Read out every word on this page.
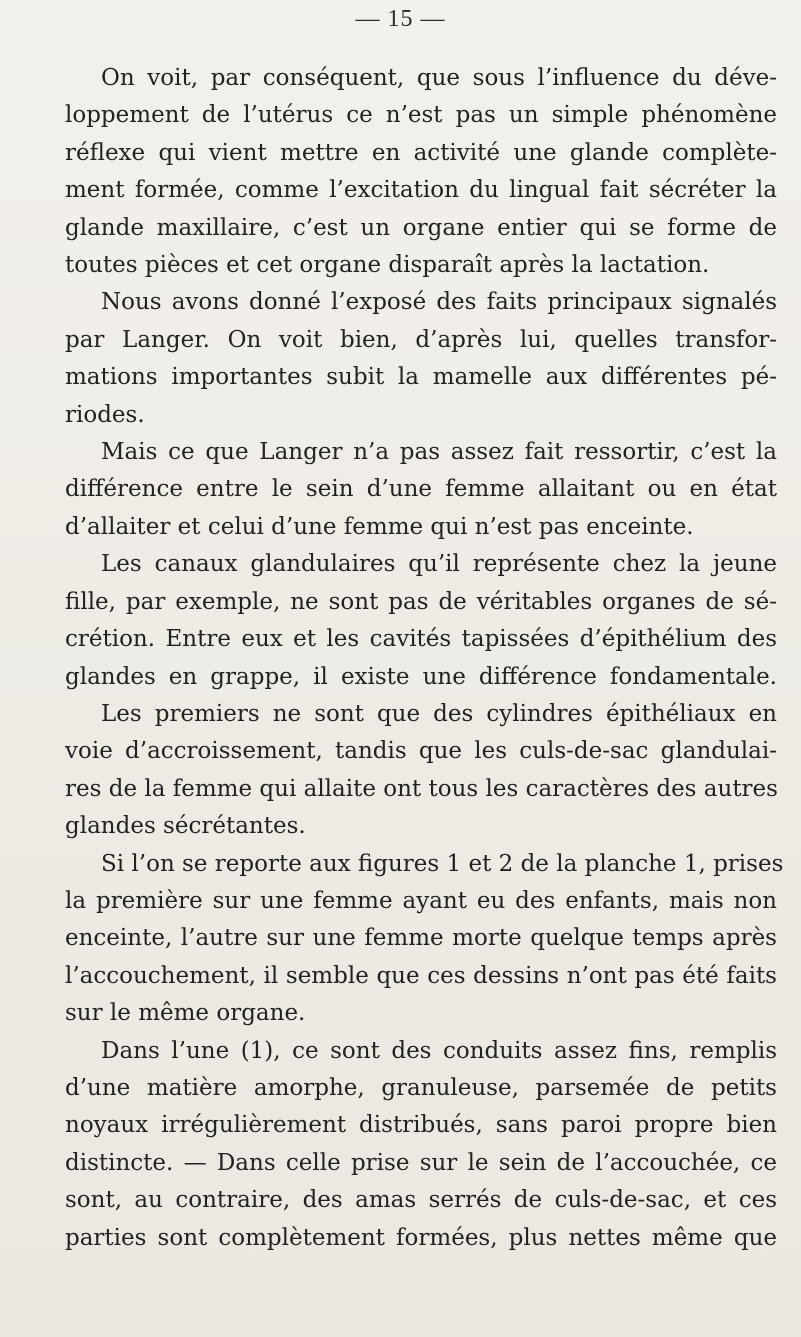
— 15 —
On voit, par conséquent, que sous l’influence du déve-
loppement de l’utérus ce n’est pas un simple phénomène
réflexe qui vient mettre en activité une glande complète-
ment formée, comme l’excitation du lingual fait sécréter la
glande maxillaire, c’est un organe entier qui se forme de
toutes pièces et cet organe disparaît après la lactation.
Nous avons donné l’exposé des faits principaux signalés
par Langer. On voit bien, d’après lui, quelles transfor-
mations importantes subit la mamelle aux différentes pé-
riodes.
Mais ce que Langer n’a pas assez fait ressortir, c’est la
différence entre le sein d’une femme allaitant ou en état
d’allaiter et celui d’une femme qui n’est pas enceinte.
Les canaux glandulaires qu’il représente chez la jeune
fille, par exemple, ne sont pas de véritables organes de sé-
crétion. Entre eux et les cavités tapissées d’épithélium des
glandes en grappe, il existe une différence fondamentale.
Les premiers ne sont que des cylindres épithéliaux en
voie d’accroissement, tandis que les culs-de-sac glandulai-
res de la femme qui allaite ont tous les caractères des autres
glandes sécrétantes.
Si l’on se reporte aux figures 1 et 2 de la planche 1, prises
la première sur une femme ayant eu des enfants, mais non
enceinte, l’autre sur une femme morte quelque temps après
l’accouchement, il semble que ces dessins n’ont pas été faits
sur le même organe.
Dans l’une (1), ce sont des conduits assez fins, remplis
d’une matière amorphe, granuleuse, parsemée de petits
noyaux irrégulièrement distribués, sans paroi propre bien
distincte. — Dans celle prise sur le sein de l’accouchée, ce
sont, au contraire, des amas serrés de culs-de-sac, et ces
parties sont complètement formées, plus nettes même que
